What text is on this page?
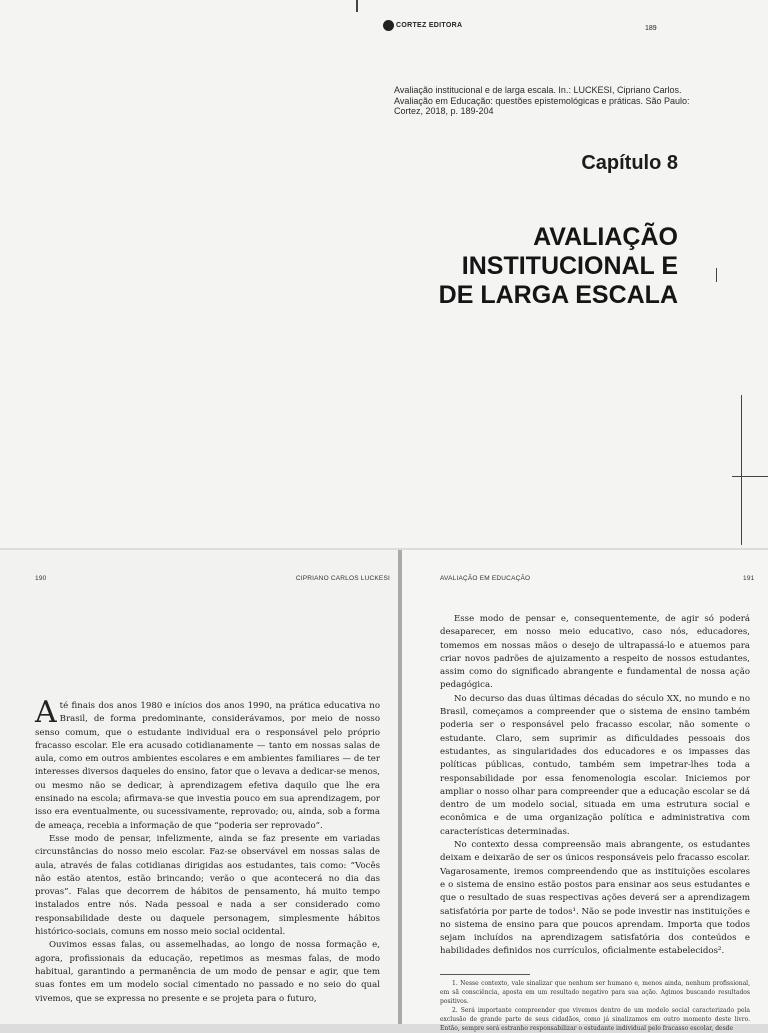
CORTEZ EDITORA	189
Avaliação institucional e de larga escala. In.: LUCKESI, Cipriano Carlos. Avaliação em Educação: questões epistemológicas e práticas. São Paulo: Cortez, 2018, p. 189-204
Capítulo 8
AVALIAÇÃO
INSTITUCIONAL E
DE LARGA ESCALA
190	CIPRIANO CARLOS LUCKESI

Até finais dos anos 1980 e inícios dos anos 1990, na prática educativa no Brasil, de forma predominante, considerávamos, por meio de nosso senso comum, que o estudante individual era o responsável pelo próprio fracasso escolar. Ele era acusado cotidianamente — tanto em nossas salas de aula, como em outros ambientes escolares e em ambientes familiares — de ter interesses diversos daqueles do ensino, fator que o levava a dedicar-se menos, ou mesmo não se dedicar, à aprendizagem efetiva daquilo que lhe era ensinado na escola; afirmava-se que investia pouco em sua aprendizagem, por isso era eventualmente, ou sucessivamente, reprovado; ou, ainda, sob a forma de ameaça, recebia a informação de que “poderia ser reprovado”.

Esse modo de pensar, infelizmente, ainda se faz presente em variadas circunstâncias do nosso meio escolar. Faz-se observável em nossas salas de aula, através de falas cotidianas dirigidas aos estudantes, tais como: “Vocês não estão atentos, estão brincando; verão o que acontecerá no dia das provas”. Falas que decorrem de hábitos de pensamento, há muito tempo instalados entre nós. Nada pessoal e nada a ser considerado como responsabilidade deste ou daquele personagem, simplesmente hábitos histórico-sociais, comuns em nosso meio social ocidental.

Ouvimos essas falas, ou assemelhadas, ao longo de nossa formação e, agora, profissionais da educação, repetimos as mesmas falas, de modo habitual, garantindo a permanência de um modo de pensar e agir, que tem suas fontes em um modelo social cimentado no passado e no seio do qual vivemos, que se expressa no presente e se projeta para o futuro,

AVALIAÇÃO EM EDUCAÇÃO	191

Esse modo de pensar e, consequentemente, de agir só poderá desaparecer, em nosso meio educativo, caso nós, educadores, tomemos em nossas mãos o desejo de ultrapassá-lo e atuemos para criar novos padrões de ajuizamento a respeito de nossos estudantes, assim como do significado abrangente e fundamental de nossa ação pedagógica.

No decurso das duas últimas décadas do século XX, no mundo e no Brasil, começamos a compreender que o sistema de ensino também poderia ser o responsável pelo fracasso escolar, não somente o estudante. Claro, sem suprimir as dificuldades pessoais dos estudantes, as singularidades dos educadores e os impasses das políticas públicas, contudo, também sem impetrar-lhes toda a responsabilidade por essa fenomenologia escolar. Iniciemos por ampliar o nosso olhar para compreender que a educação escolar se dá dentro de um modelo social, situada em uma estrutura social e econômica e de uma organização política e administrativa com características determinadas.

No contexto dessa compreensão mais abrangente, os estudantes deixam e deixarão de ser os únicos responsáveis pelo fracasso escolar. Vagarosamente, iremos compreendendo que as instituições escolares e o sistema de ensino estão postos para ensinar aos seus estudantes e que o resultado de suas respectivas ações deverá ser a aprendizagem satisfatória por parte de todos¹. Não se pode investir nas instituições e no sistema de ensino para que poucos aprendam. Importa que todos sejam incluídos na aprendizagem satisfatória dos conteúdos e habilidades definidos nos currículos, oficialmente estabelecidos².

1. Nesse contexto, vale sinalizar que nenhum ser humano e, menos ainda, nenhum profissional, em sã consciência, aposta em um resultado negativo para sua ação. Agimos buscando resultados positivos.

2. Será importante compreender que vivemos dentro de um modelo social caracterizado pela exclusão de grande parte de seus cidadãos, como já sinalizamos em outro momento deste livro. Então, sempre será estranho responsabilizar o estudante individual pelo fracasso escolar, desde
